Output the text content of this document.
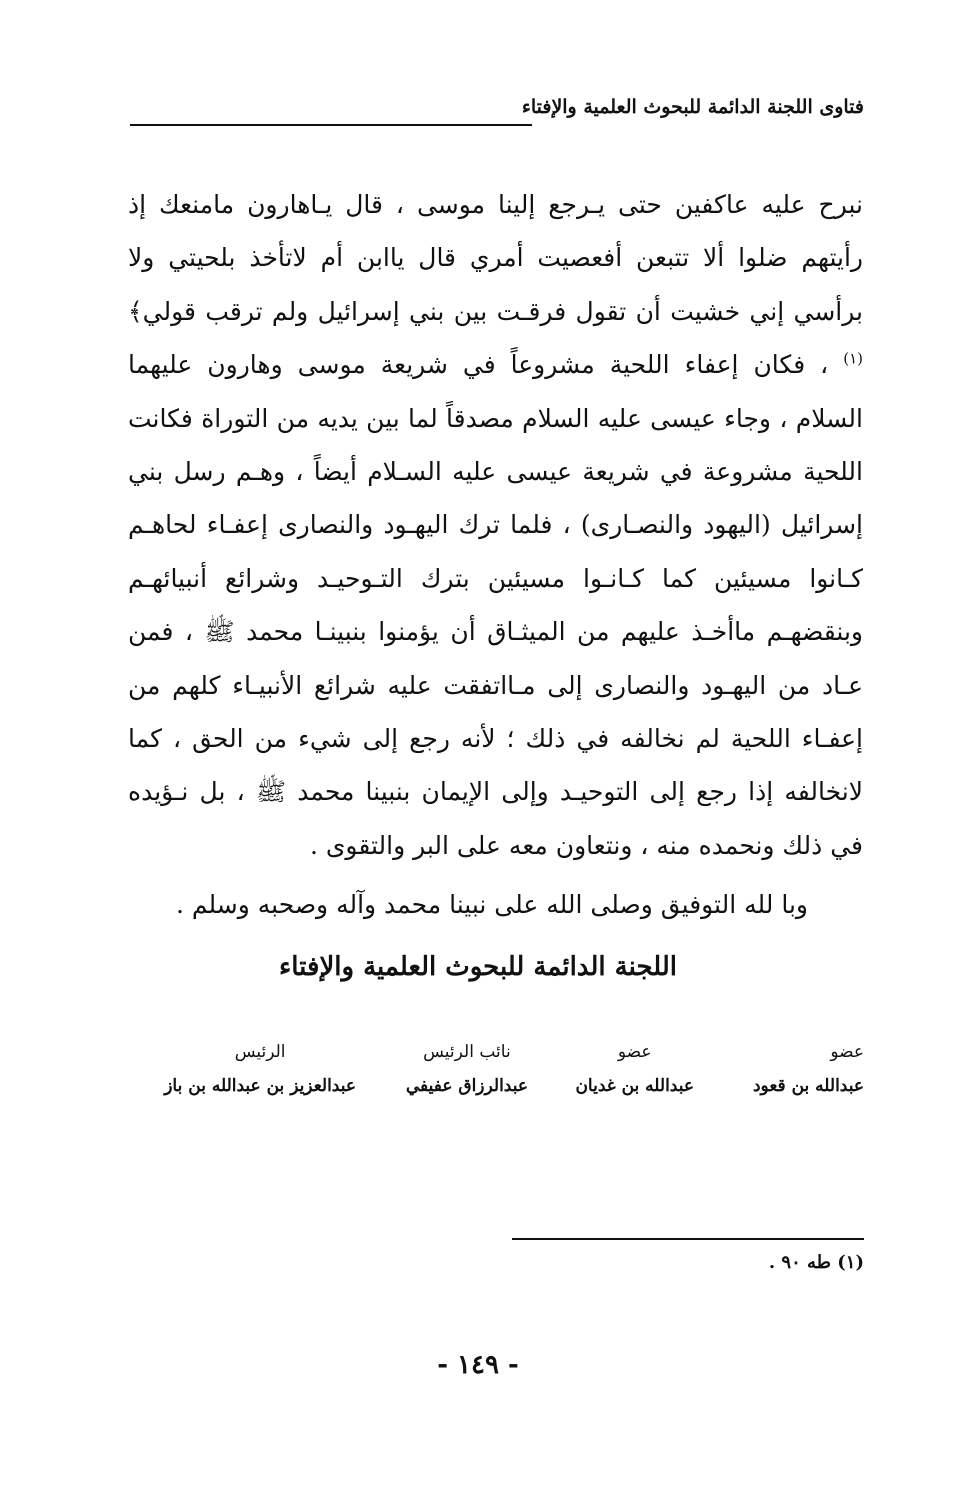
فتاوى اللجنة الدائمة للبحوث العلمية والإفتاء
نبرح عليه عاكفين حتى يـرجع إلينا موسى ، قال يـاهارون مامنعك إذ رأيتهم ضلوا ألا تتبعن أفعصيت أمري قال ياابن أم لاتأخذ بلحيتي ولا برأسي إني خشيت أن تقول فرقـت بين بني إسرائيل ولم ترقب قولي﴾$^{(١)}$ ، فكان إعفاء اللحية مشروعاً في شريعة موسى وهارون عليهما السلام ، وجاء عيسى عليه السلام مصدقاً لما بين يديه من التوراة فكانت اللحية مشروعة في شريعة عيسى عليه السـلام أيضاً ، وهـم رسل بني إسرائيل (اليهود والنصـارى) ، فلما ترك اليهـود والنصارى إعفـاء لحاهـم كـانوا مسيئين كما كـانـوا مسيئين بترك التـوحيـد وشرائع أنبيائهـم وبنقضهـم ماأخـذ عليهم من الميثـاق أن يؤمنوا بنبينـا محمد ﷺ ، فمن عـاد من اليهـود والنصارى إلى مـااتفقت عليه شرائع الأنبيـاء كلهم من إعفـاء اللحية لم نخالفه في ذلك ؛ لأنه رجع إلى شيء من الحق ، كما لانخالفه إذا رجع إلى التوحيـد وإلى الإيمان بنبينا محمد ﷺ ، بل نـؤيده في ذلك ونحمده منه ، ونتعاون معه على البر والتقوى .
وبا لله التوفيق وصلى الله على نبينا محمد وآله وصحبه وسلم .
اللجنة الدائمة للبحوث العلمية والإفتاء
عضو
عبدالله بن قعود
عضو
عبدالله بن غديان
نائب الرئيس
عبدالرزاق عفيفي
الرئيس
عبدالعزيز بن عبدالله بن باز
(١) طه ٩٠ .
- ١٤٩ -
